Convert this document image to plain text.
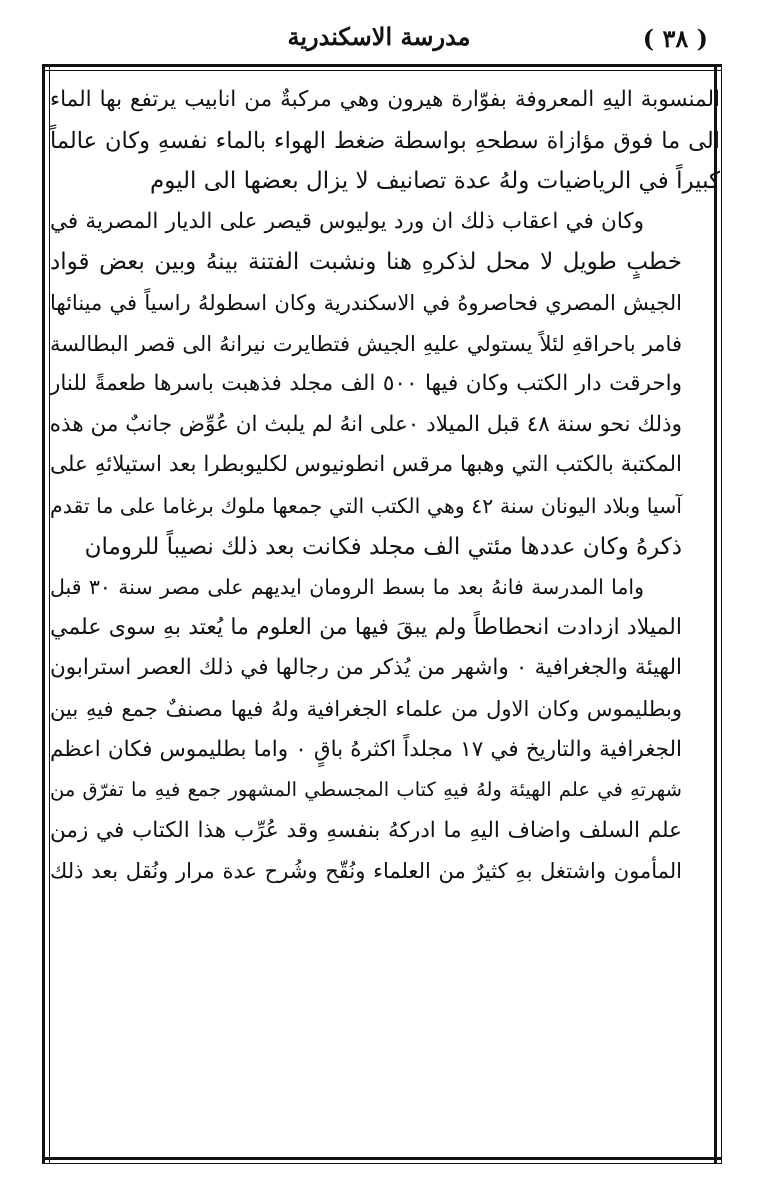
( ٣٨ )
مدرسة الاسكندرية

المنسوبة اليهِ المعروفة بفوّارة هيرون وهي مركبةٌ من انابيب يرتفع بها الماء
الى ما فوق مؤازاة سطحهِ بواسطة ضغط الهواء بالماء نفسهِ وكان عالماً
كبيراً في الرياضيات ولهُ عدة تصانيف لا يزال بعضها الى اليوم

وكان في اعقاب ذلك ان ورد يوليوس قيصر على الديار المصرية في
خطبٍ طويل لا محل لذكرهِ هنا ونشبت الفتنة بينهُ وبين بعض قواد
الجيش المصري فحاصروهُ في الاسكندرية وكان اسطولهُ راسياً في مينائها
فامر باحراقهِ لئلاً يستولي عليهِ الجيش فتطايرت نيرانهُ الى قصر البطالسة
واحرقت دار الكتب وكان فيها ٥٠٠ الف مجلد فذهبت باسرها طعمةً للنار
وذلك نحو سنة ٤٨ قبل الميلاد ٠على انهُ لم يلبث ان عُوِّض جانبٌ من هذه
المكتبة بالكتب التي وهبها مرقس انطونيوس لكليوبطرا بعد استيلائهِ على
آسيا وبلاد اليونان سنة ٤٢ وهي الكتب التي جمعها ملوك برغاما على ما تقدم
ذكرهُ وكان عددها مئتي الف مجلد فكانت بعد ذلك نصيباً للرومان

واما المدرسة فانهُ بعد ما بسط الرومان ايديهم على مصر سنة ٣٠ قبل
الميلاد ازدادت انحطاطاً ولم يبقَ فيها من العلوم ما يُعتد بهِ سوى علمي
الهيئة والجغرافية ٠ واشهر من يُذكر من رجالها في ذلك العصر استرابون
وبطليموس وكان الاول من علماء الجغرافية ولهُ فيها مصنفٌ جمع فيهِ بين
الجغرافية والتاريخ في ١٧ مجلداً اكثرهُ باقٍ ٠ واما بطليموس فكان اعظم
شهرتهِ في علم الهيئة ولهُ فيهِ كتاب المجسطي المشهور جمع فيهِ ما تفرّق من
علم السلف واضاف اليهِ ما ادركهُ بنفسهِ وقد عُرِّب هذا الكتاب في زمن
المأمون واشتغل بهِ كثيرٌ من العلماء ونُقّح وشُرح عدة مرار ونُقل بعد ذلك
